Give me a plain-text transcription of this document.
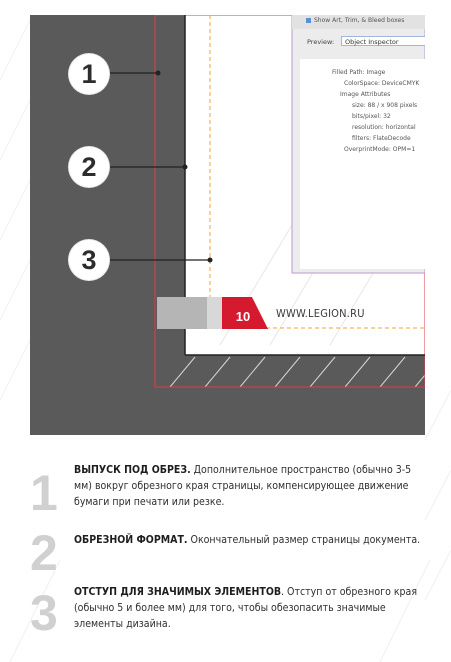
Show Art, Trim, & Bleed boxes
Preview:	Object Inspector
Filled Path: Image
ColorSpace: DeviceCMYK
Image Attributes
size: 88 / x 908 pixels
bits/pixel: 32
resolution: horizontal
filters: FlateDecode
OverprintMode: OPM=1
10	WWW.LEGION.RU
1
2
3
1 ВЫПУСК ПОД ОБРЕЗ. Дополнительное пространство (обычно 3-5 мм) вокруг обрезного края страницы, компенсирующее движение бумаги при печати или резке.
2 ОБРЕЗНОЙ ФОРМАТ. Окончательный размер страницы документа.
3 ОТСТУП ДЛЯ ЗНАЧИМЫХ ЭЛЕМЕНТОВ. Отступ от обрезного края (обычно 5 и более мм) для того, чтобы обезопасить значимые элементы дизайна.
